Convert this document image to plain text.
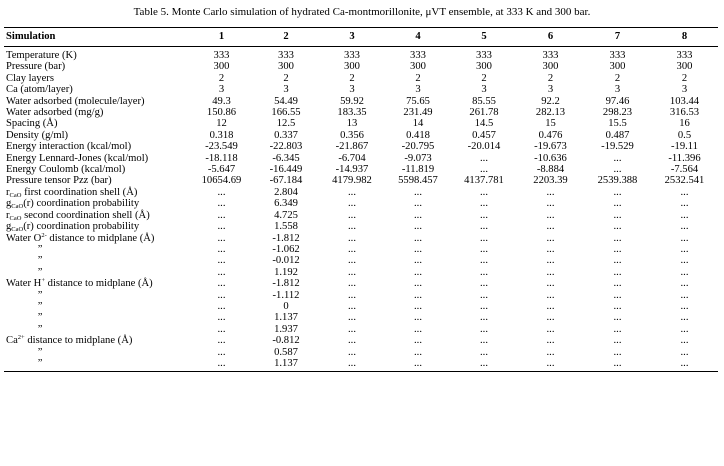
Table 5. Monte Carlo simulation of hydrated Ca-montmorillonite, μVT ensemble, at 333 K and 300 bar.
Simulation	1	2	3	4	5	6	7	8
Temperature (K)	333	333	333	333	333	333	333	333
Pressure (bar)	300	300	300	300	300	300	300	300
Clay layers	2	2	2	2	2	2	2	2
Ca (atom/layer)	3	3	3	3	3	3	3	3
Water adsorbed (molecule/layer)	49.3	54.49	59.92	75.65	85.55	92.2	97.46	103.44
Water adsorbed (mg/g)	150.86	166.55	183.35	231.49	261.78	282.13	298.23	316.53
Spacing (Å)	12	12.5	13	14	14.5	15	15.5	16
Density (g/ml)	0.318	0.337	0.356	0.418	0.457	0.476	0.487	0.5
Energy interaction (kcal/mol)	-23.549	-22.803	-21.867	-20.795	-20.014	-19.673	-19.529	-19.11
Energy Lennard-Jones (kcal/mol)	-18.118	-6.345	-6.704	-9.073	...	-10.636	...	-11.396
Energy Coulomb (kcal/mol)	-5.647	-16.449	-14.937	-11.819	...	-8.884	...	-7.564
Pressure tensor Pzz (bar)	10654.69	-67.184	4179.982	5598.457	4137.781	2203.39	2539.388	2532.541
$r_{CaO}$ first coordination shell (Å)	...	2.804	...	...	...	...	...	...
$g_{CaO}(r)$ coordination probability	...	6.349	...	...	...	...	...	...
$r_{CaO}$ second coordination shell (Å)	...	4.725	...	...	...	...	...	...
$g_{CaO}(r)$ coordination probability	...	1.558	...	...	...	...	...	...
Water $O^{2-}$ distance to midplane (Å)	...	-1.812	...	...	...	...	...	...
”	...	-1.062	...	...	...	...	...	...
”	...	-0.012	...	...	...	...	...	...
”	...	1.192	...	...	...	...	...	...
Water H+ distance to midplane (Å)	...	-1.812	...	...	...	...	...	...
”	...	-1.112	...	...	...	...	...	...
”	...	0	...	...	...	...	...	...
”	...	1.137	...	...	...	...	...	...
”	...	1.937	...	...	...	...	...	...
$Ca^{2+}$ distance to midplane (Å)	...	-0.812	...	...	...	...	...	...
”	...	0.587	...	...	...	...	...	...
”	...	1.137	...	...	...	...	...	...
